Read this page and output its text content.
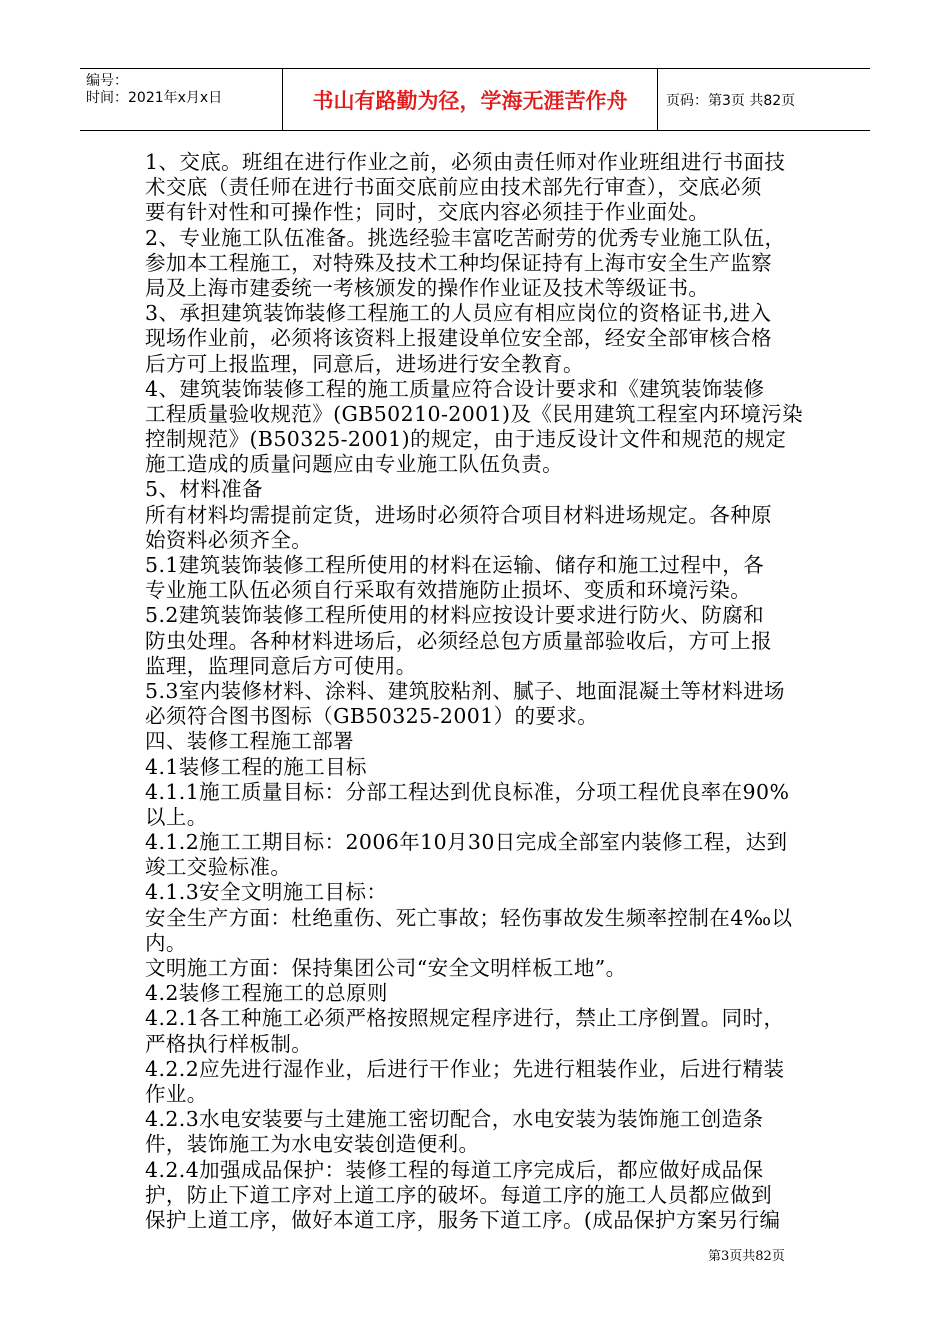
编号：
时间：2021年x月x日	书山有路勤为径，学海无涯苦作舟	页码：第3页 共82页
1、交底。班组在进行作业之前，必须由责任师对作业班组进行书面技
术交底（责任师在进行书面交底前应由技术部先行审查），交底必须
要有针对性和可操作性；同时，交底内容必须挂于作业面处。
2、专业施工队伍准备。挑选经验丰富吃苦耐劳的优秀专业施工队伍，
参加本工程施工，对特殊及技术工种均保证持有上海市安全生产监察
局及上海市建委统一考核颁发的操作作业证及技术等级证书。
3、承担建筑装饰装修工程施工的人员应有相应岗位的资格证书,进入
现场作业前，必须将该资料上报建设单位安全部，经安全部审核合格
后方可上报监理，同意后，进场进行安全教育。
4、建筑装饰装修工程的施工质量应符合设计要求和《建筑装饰装修
工程质量验收规范》(GB50210-2001)及《民用建筑工程室内环境污染
控制规范》(B50325-2001)的规定，由于违反设计文件和规范的规定
施工造成的质量问题应由专业施工队伍负责。
5、材料准备
所有材料均需提前定货，进场时必须符合项目材料进场规定。各种原
始资料必须齐全。
5.1建筑装饰装修工程所使用的材料在运输、储存和施工过程中，各
专业施工队伍必须自行采取有效措施防止损坏、变质和环境污染。
5.2建筑装饰装修工程所使用的材料应按设计要求进行防火、防腐和
防虫处理。各种材料进场后，必须经总包方质量部验收后，方可上报
监理，监理同意后方可使用。
5.3室内装修材料、涂料、建筑胶粘剂、腻子、地面混凝土等材料进场
必须符合图书图标（GB50325-2001）的要求。
四、装修工程施工部署
4.1装修工程的施工目标
4.1.1施工质量目标：分部工程达到优良标准，分项工程优良率在90%
以上。
4.1.2施工工期目标：2006年10月30日完成全部室内装修工程，达到
竣工交验标准。
4.1.3安全文明施工目标：
安全生产方面：杜绝重伤、死亡事故；轻伤事故发生频率控制在4‰以
内。
文明施工方面：保持集团公司“安全文明样板工地”。
4.2装修工程施工的总原则
4.2.1各工种施工必须严格按照规定程序进行，禁止工序倒置。同时，
严格执行样板制。
4.2.2应先进行湿作业，后进行干作业；先进行粗装作业，后进行精装
作业。
4.2.3水电安装要与土建施工密切配合，水电安装为装饰施工创造条
件，装饰施工为水电安装创造便利。
4.2.4加强成品保护：装修工程的每道工序完成后，都应做好成品保
护，防止下道工序对上道工序的破坏。每道工序的施工人员都应做到
保护上道工序，做好本道工序，服务下道工序。(成品保护方案另行编
第3页共82页
